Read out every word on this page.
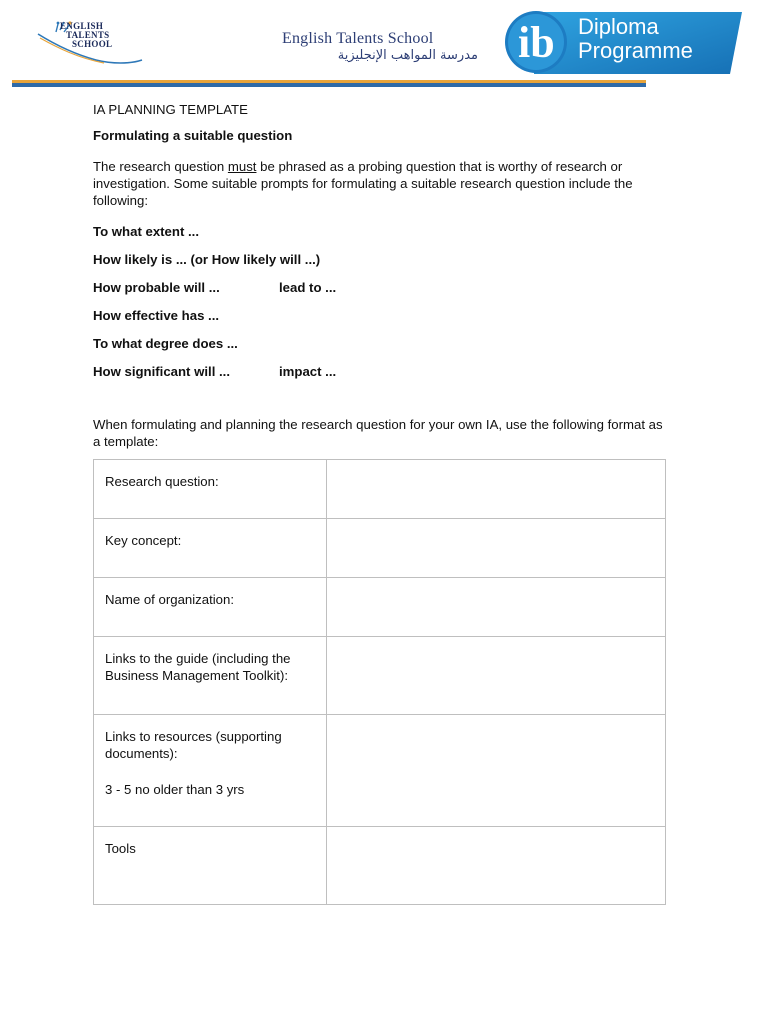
ENGLISH
TALENTS
SCHOOL	English Talents School
مدرسة المواهب الإنجليزية ib Diploma
Programme

IA PLANNING TEMPLATE

Formulating a suitable question

The research question must be phrased as a probing question that is worthy of research or investigation. Some suitable prompts for formulating a suitable research question include the following:

To what extent ...
How likely is ... (or How likely will ...)
How probable will ...	lead to ...
How effective has ...
To what degree does ...
How significant will ...	impact ...

When formulating and planning the research question for your own IA, use the following format as a template:

Research question:	

Key concept:	

Name of organization:	

Links to the guide (including the Business Management Toolkit):	

Links to resources (supporting documents):

3 - 5 no older than 3 yrs	

Tools	
